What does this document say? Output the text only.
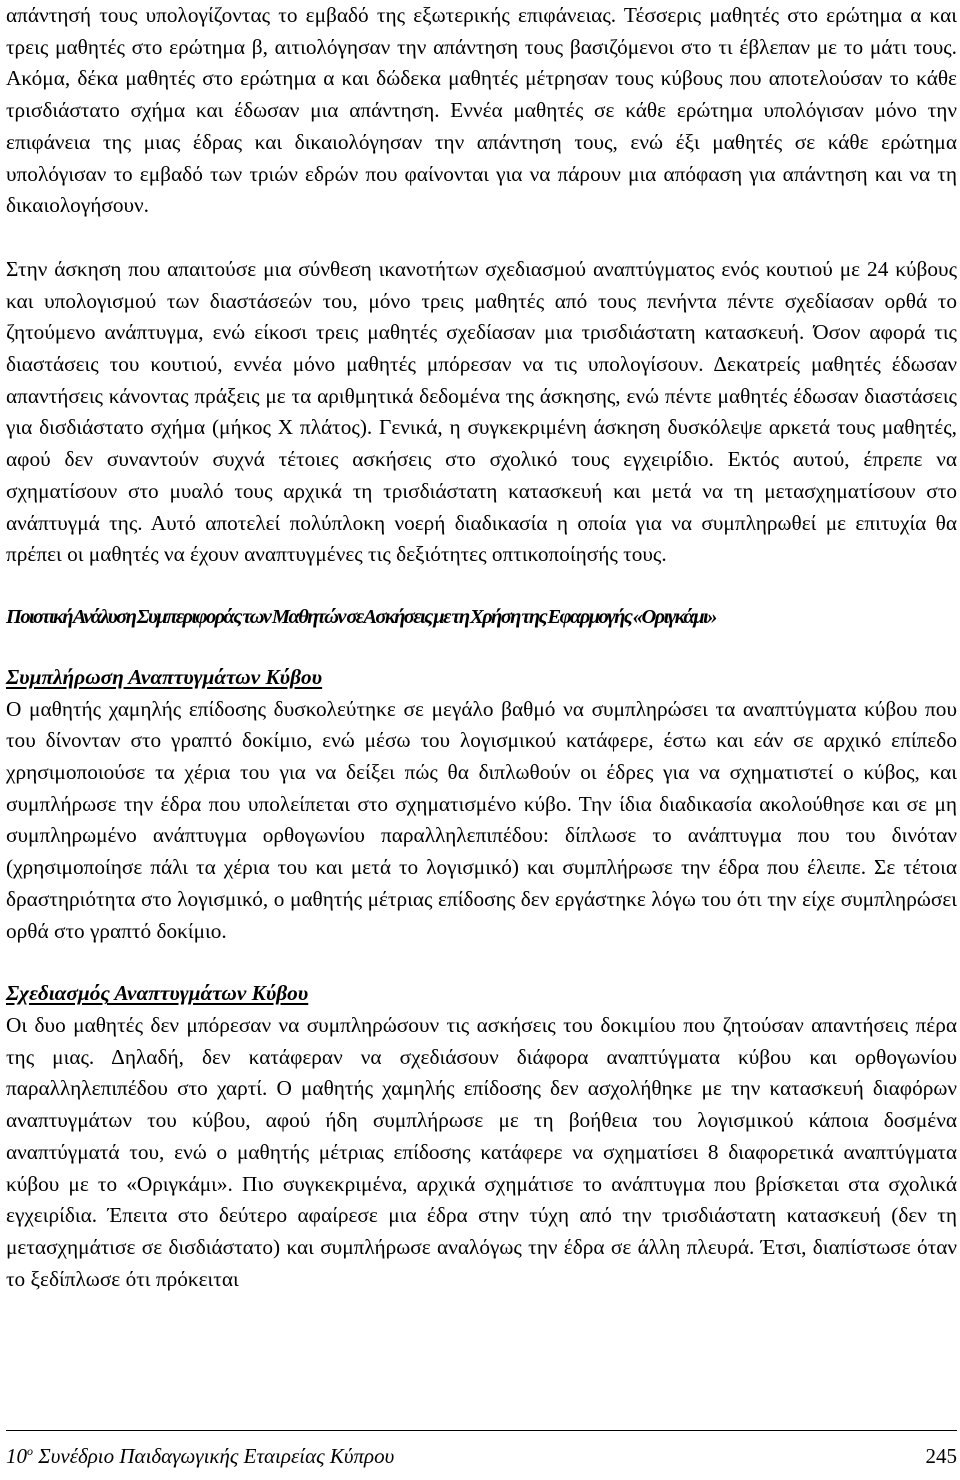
απάντησή τους υπολογίζοντας το εμβαδό της εξωτερικής επιφάνειας. Τέσσερις μαθητές στο ερώτημα α και τρεις μαθητές στο ερώτημα β, αιτιολόγησαν την απάντηση τους βασιζόμενοι στο τι έβλεπαν με το μάτι τους. Ακόμα, δέκα μαθητές στο ερώτημα α και δώδεκα μαθητές μέτρησαν τους κύβους που αποτελούσαν το κάθε τρισδιάστατο σχήμα και έδωσαν μια απάντηση. Εννέα μαθητές σε κάθε ερώτημα υπολόγισαν μόνο την επιφάνεια της μιας έδρας και δικαιολόγησαν την απάντηση τους, ενώ έξι μαθητές σε κάθε ερώτημα υπολόγισαν το εμβαδό των τριών εδρών που φαίνονται για να πάρουν μια απόφαση για απάντηση και να τη δικαιολογήσουν.

Στην άσκηση που απαιτούσε μια σύνθεση ικανοτήτων σχεδιασμού αναπτύγματος ενός κουτιού με 24 κύβους και υπολογισμού των διαστάσεών του, μόνο τρεις μαθητές από τους πενήντα πέντε σχεδίασαν ορθά το ζητούμενο ανάπτυγμα, ενώ είκοσι τρεις μαθητές σχεδίασαν μια τρισδιάστατη κατασκευή. Όσον αφορά τις διαστάσεις του κουτιού, εννέα μόνο μαθητές μπόρεσαν να τις υπολογίσουν. Δεκατρείς μαθητές έδωσαν απαντήσεις κάνοντας πράξεις με τα αριθμητικά δεδομένα της άσκησης, ενώ πέντε μαθητές έδωσαν διαστάσεις για δισδιάστατο σχήμα (μήκος Χ πλάτος). Γενικά, η συγκεκριμένη άσκηση δυσκόλεψε αρκετά τους μαθητές, αφού δεν συναντούν συχνά τέτοιες ασκήσεις στο σχολικό τους εγχειρίδιο. Εκτός αυτού, έπρεπε να σχηματίσουν στο μυαλό τους αρχικά τη τρισδιάστατη κατασκευή και μετά να τη μετασχηματίσουν στο ανάπτυγμά της. Αυτό αποτελεί πολύπλοκη νοερή διαδικασία η οποία για να συμπληρωθεί με επιτυχία θα πρέπει οι μαθητές να έχουν αναπτυγμένες τις δεξιότητες οπτικοποίησής τους.

Ποιοτική Ανάλυση Συμπεριφοράς των Μαθητών σε Ασκήσεις με τη Χρήση της Εφαρμογής «Οριγκάμι»
Συμπλήρωση Αναπτυγμάτων Κύβου

Ο μαθητής χαμηλής επίδοσης δυσκολεύτηκε σε μεγάλο βαθμό να συμπληρώσει τα αναπτύγματα κύβου που του δίνονταν στο γραπτό δοκίμιο, ενώ μέσω του λογισμικού κατάφερε, έστω και εάν σε αρχικό επίπεδο χρησιμοποιούσε τα χέρια του για να δείξει πώς θα διπλωθούν οι έδρες για να σχηματιστεί ο κύβος, και συμπλήρωσε την έδρα που υπολείπεται στο σχηματισμένο κύβο. Την ίδια διαδικασία ακολούθησε και σε μη συμπληρωμένο ανάπτυγμα ορθογωνίου παραλληλεπιπέδου: δίπλωσε το ανάπτυγμα που του δινόταν (χρησιμοποίησε πάλι τα χέρια του και μετά το λογισμικό) και συμπλήρωσε την έδρα που έλειπε. Σε τέτοια δραστηριότητα στο λογισμικό, ο μαθητής μέτριας επίδοσης δεν εργάστηκε λόγω του ότι την είχε συμπληρώσει ορθά στο γραπτό δοκίμιο.

Σχεδιασμός Αναπτυγμάτων Κύβου

Οι δυο μαθητές δεν μπόρεσαν να συμπληρώσουν τις ασκήσεις του δοκιμίου που ζητούσαν απαντήσεις πέρα της μιας. Δηλαδή, δεν κατάφεραν να σχεδιάσουν διάφορα αναπτύγματα κύβου και ορθογωνίου παραλληλεπιπέδου στο χαρτί. Ο μαθητής χαμηλής επίδοσης δεν ασχολήθηκε με την κατασκευή διαφόρων αναπτυγμάτων του κύβου, αφού ήδη συμπλήρωσε με τη βοήθεια του λογισμικού κάποια δοσμένα αναπτύγματά του, ενώ ο μαθητής μέτριας επίδοσης κατάφερε να σχηματίσει 8 διαφορετικά αναπτύγματα κύβου με το «Οριγκάμι». Πιο συγκεκριμένα, αρχικά σχημάτισε το ανάπτυγμα που βρίσκεται στα σχολικά εγχειρίδια. Έπειτα στο δεύτερο αφαίρεσε μια έδρα στην τύχη από την τρισδιάστατη κατασκευή (δεν τη μετασχημάτισε σε δισδιάστατο) και συμπλήρωσε αναλόγως την έδρα σε άλλη πλευρά. Έτσι, διαπίστωσε όταν το ξεδίπλωσε ότι πρόκειται

$10^o$ Συνέδριο Παιδαγωγικής Εταιρείας Κύπρου	245
